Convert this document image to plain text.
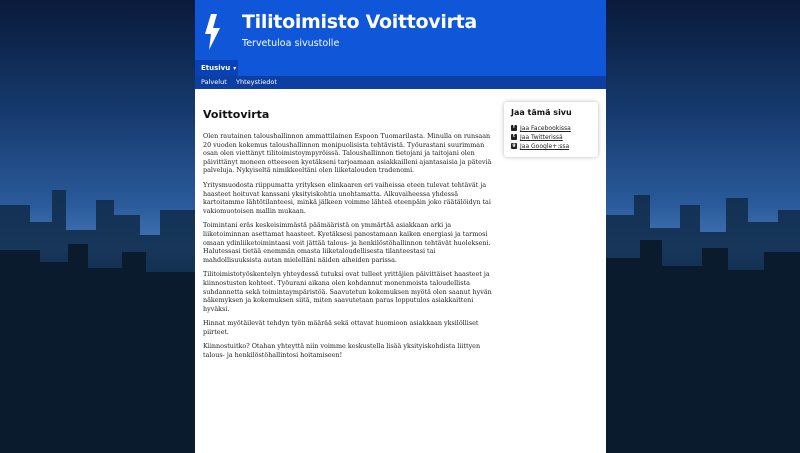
Tilitoimisto Voittovirta
Tervetuloa sivustolle
Etusivu ▾
Palvelut Yhteystiedot
Voittovirta

Olen rautainen taloushallinnon ammattilainen Espoon Tuomarilasta. Minulla on runsaan 20 vuoden kokemus taloushallinnon monipuolisista tehtävistä. Työurastani suurimman osan olen viettänyt tilitoimistoympyröissä. Taloushallinnon tietojani ja taitojani olen päivittänyt moneen otteeseen kyetäkseni tarjoamaan asiakkailleni ajantasaisia ja päteviä palveluja. Nykyiseltä nimikkeeltäni olen liiketalouden tradenomi.

Yritysmuodosta riippumatta yrityksen elinkaaren eri vaiheissa eteen tulevat tehtävät ja haasteet hoituvat kanssani yksityiskohtia unohtamatta. Alkuvaiheessa yhdessä kartoitamme lähtötilanteesi, minkä jälkeen voimme lähteä eteenpäin joko räätälöidyn tai vakiomuotoisen mallin mukaan.

Toimintani eräs keskeisimmästä päämääristä on ymmärtää asiakkaan arki ja liiketoiminnan asettamat haasteet. Kyetäksesi panostamaan kaiken energiasi ja tarmosi omaan ydinliiketoimintaasi voit jättää talous- ja henkilöstöhallinnon tehtävät huolekseni. Halutessasi tietää enemmän omasta liiketaloudellisesta tilanteestasi tai mahdollisuuksista autan mielelläni näiden aiheiden parissa.

Tilitoimistotyöskentelyn yhteydessä tutuksi ovat tulleet yrittäjien päivittäiset haasteet ja kiinnostusten kohteet. Työurani aikana olen kohdannut monenmoista taloudellista suhdannetta sekä toimintaympäristöä. Saavutetun kokemuksen myötä olen saanut hyvän näkemyksen ja kokemuksen siitä, miten saavutetaan paras lopputulos asiakkaitteni hyväksi.

Hinnat myötäilevät tehdyn työn määrää sekä ottavat huomioon asiakkaan yksilölliset piirteet.

Kiinnostuitko? Otahan yhteyttä niin voimme keskustella lisää yksityiskohdista liittyen talous- ja henkilöstöhallintosi hoitamiseen!

Jaa tämä sivu
f Jaa Facebookissa
t Jaa Twitterissä
g Jaa Google+:ssa
